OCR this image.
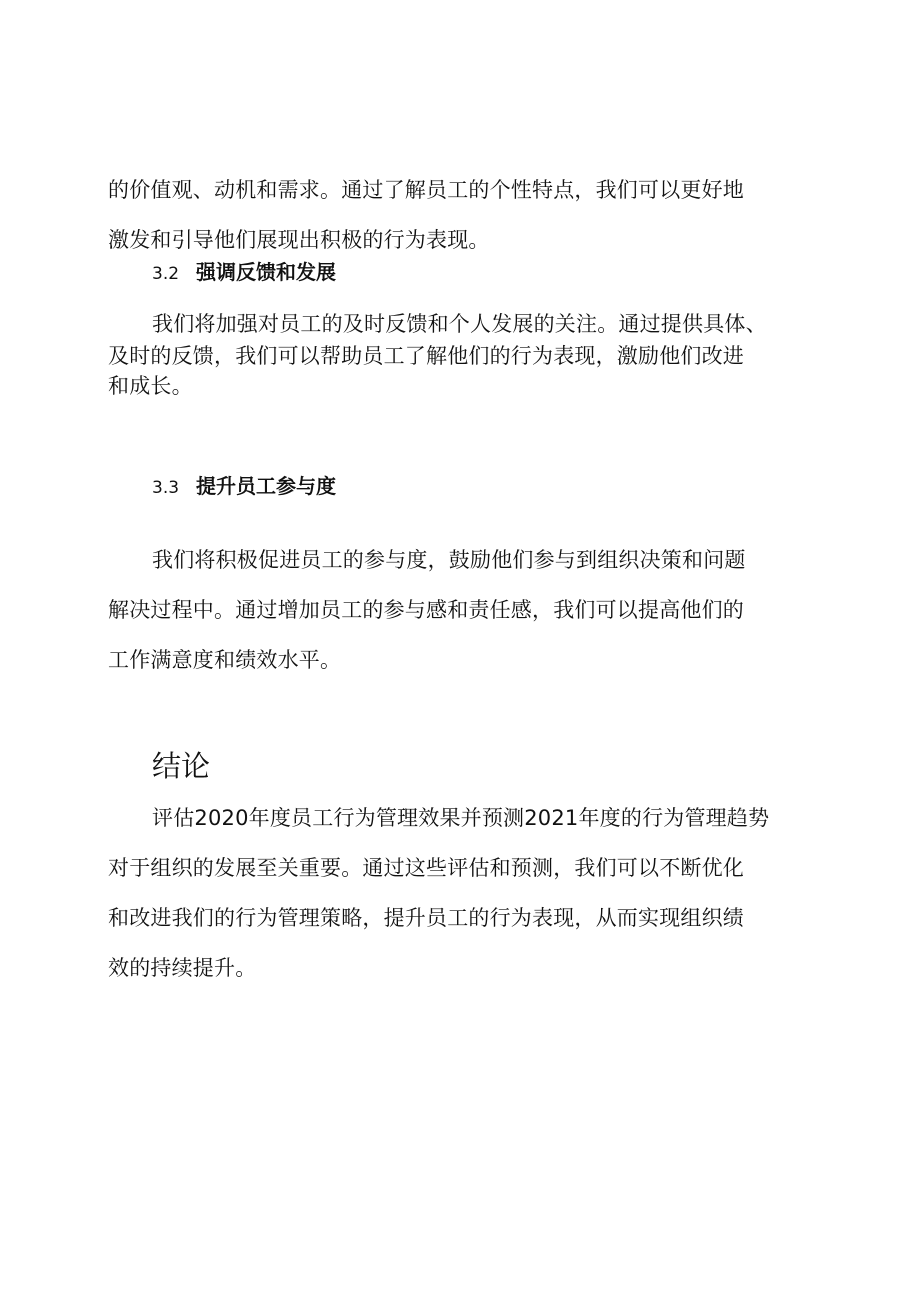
的价值观、动机和需求。通过了解员工的个性特点，我们可以更好地
激发和引导他们展现出积极的行为表现。
3.2 强调反馈和发展
我们将加强对员工的及时反馈和个人发展的关注。通过提供具体、
及时的反馈，我们可以帮助员工了解他们的行为表现，激励他们改进
和成长。
3.3 提升员工参与度
我们将积极促进员工的参与度，鼓励他们参与到组织决策和问题
解决过程中。通过增加员工的参与感和责任感，我们可以提高他们的
工作满意度和绩效水平。
结论
评估2020年度员工行为管理效果并预测2021年度的行为管理趋势
对于组织的发展至关重要。通过这些评估和预测，我们可以不断优化
和改进我们的行为管理策略，提升员工的行为表现，从而实现组织绩
效的持续提升。
